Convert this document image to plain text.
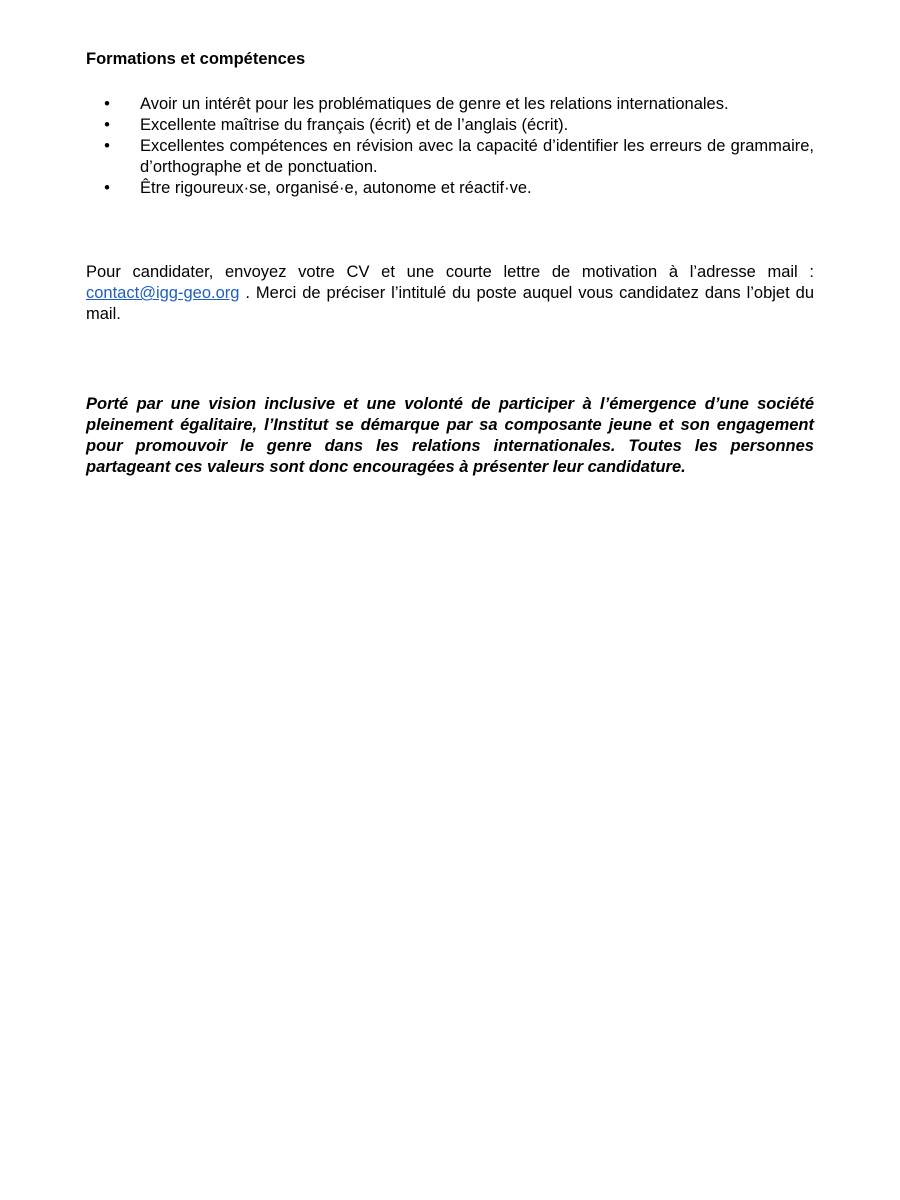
Formations et compétences
• Avoir un intérêt pour les problématiques de genre et les relations internationales.
• Excellente maîtrise du français (écrit) et de l’anglais (écrit).
• Excellentes compétences en révision avec la capacité d’identifier les erreurs de grammaire, d’orthographe et de ponctuation.
• Être rigoureux·se, organisé·e, autonome et réactif·ve.

Pour candidater, envoyez votre CV et une courte lettre de motivation à l’adresse mail : contact@igg-geo.org . Merci de préciser l’intitulé du poste auquel vous candidatez dans l’objet du mail.

Porté par une vision inclusive et une volonté de participer à l’émergence d’une société pleinement égalitaire, l’Institut se démarque par sa composante jeune et son engagement pour promouvoir le genre dans les relations internationales. Toutes les personnes partageant ces valeurs sont donc encouragées à présenter leur candidature.
